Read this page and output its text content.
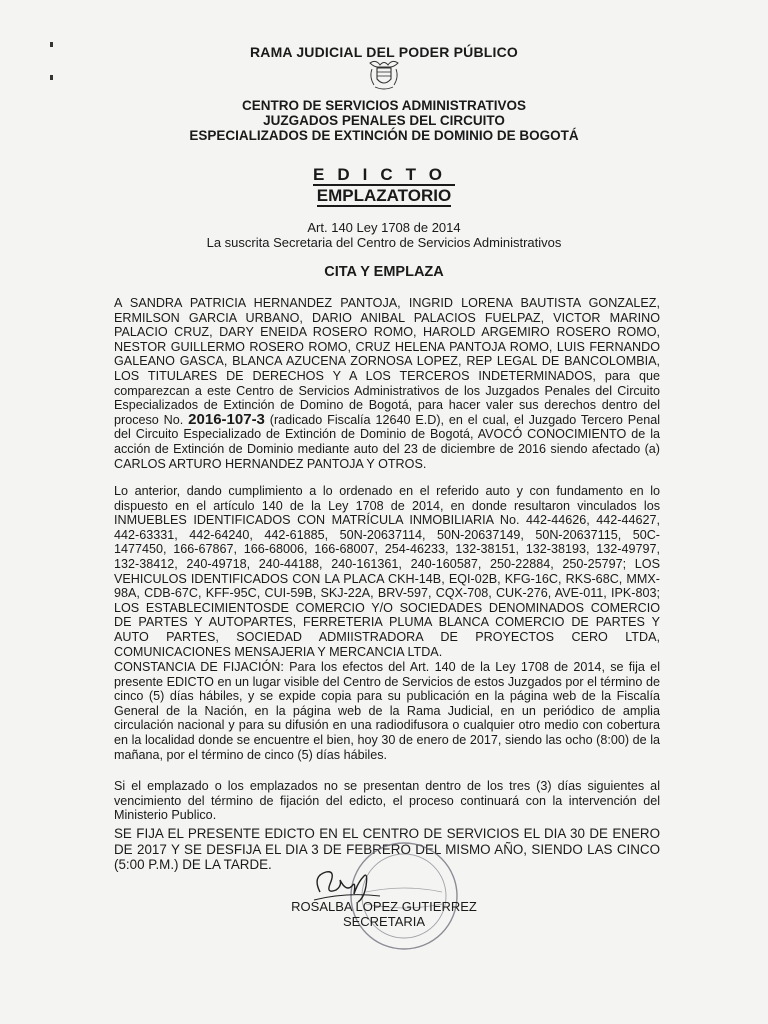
RAMA JUDICIAL DEL PODER PÚBLICO
CENTRO DE SERVICIOS ADMINISTRATIVOS
JUZGADOS PENALES DEL CIRCUITO
ESPECIALIZADOS DE EXTINCIÓN DE DOMINIO DE BOGOTÁ
EDICTO
EMPLAZATORIO
Art. 140 Ley 1708 de 2014
La suscrita Secretaria del Centro de Servicios Administrativos
CITA Y EMPLAZA
A SANDRA PATRICIA HERNANDEZ PANTOJA, INGRID LORENA BAUTISTA GONZALEZ, ERMILSON GARCIA URBANO, DARIO ANIBAL PALACIOS FUELPAZ, VICTOR MARINO PALACIO CRUZ, DARY ENEIDA ROSERO ROMO, HAROLD ARGEMIRO ROSERO ROMO, NESTOR GUILLERMO ROSERO ROMO, CRUZ HELENA PANTOJA ROMO, LUIS FERNANDO GALEANO GASCA, BLANCA AZUCENA ZORNOSA LOPEZ, REP LEGAL DE BANCOLOMBIA, LOS TITULARES DE DERECHOS Y A LOS TERCEROS INDETERMINADOS, para que comparezcan a este Centro de Servicios Administrativos de los Juzgados Penales del Circuito Especializados de Extinción de Domino de Bogotá, para hacer valer sus derechos dentro del proceso No. 2016-107-3 (radicado Fiscalía 12640 E.D), en el cual, el Juzgado Tercero Penal del Circuito Especializado de Extinción de Dominio de Bogotá, AVOCÓ CONOCIMIENTO de la acción de Extinción de Dominio mediante auto del 23 de diciembre de 2016 siendo afectado (a) CARLOS ARTURO HERNANDEZ PANTOJA Y OTROS.
Lo anterior, dando cumplimiento a lo ordenado en el referido auto y con fundamento en lo dispuesto en el artículo 140 de la Ley 1708 de 2014, en donde resultaron vinculados los INMUEBLES IDENTIFICADOS CON MATRÍCULA INMOBILIARIA No. 442-44626, 442-44627, 442-63331, 442-64240, 442-61885, 50N-20637114, 50N-20637149, 50N-20637115, 50C-1477450, 166-67867, 166-68006, 166-68007, 254-46233, 132-38151, 132-38193, 132-49797, 132-38412, 240-49718, 240-44188, 240-161361, 240-160587, 250-22884, 250-25797; LOS VEHICULOS IDENTIFICADOS CON LA PLACA CKH-14B, EQI-02B, KFG-16C, RKS-68C, MMX-98A, CDB-67C, KFF-95C, CUI-59B, SKJ-22A, BRV-597, CQX-708, CUK-276, AVE-011, IPK-803; LOS ESTABLECIMIENTOSDE COMERCIO Y/O SOCIEDADES DENOMINADOS COMERCIO DE PARTES Y AUTOPARTES, FERRETERIA PLUMA BLANCA COMERCIO DE PARTES Y AUTO PARTES, SOCIEDAD ADMIISTRADORA DE PROYECTOS CERO LTDA, COMUNICACIONES MENSAJERIA Y MERCANCIA LTDA.
CONSTANCIA DE FIJACIÓN: Para los efectos del Art. 140 de la Ley 1708 de 2014, se fija el presente EDICTO en un lugar visible del Centro de Servicios de estos Juzgados por el término de cinco (5) días hábiles, y se expide copia para su publicación en la página web de la Fiscalía General de la Nación, en la página web de la Rama Judicial, en un periódico de amplia circulación nacional y para su difusión en una radiodifusora o cualquier otro medio con cobertura en la localidad donde se encuentre el bien, hoy 30 de enero de 2017, siendo las ocho (8:00) de la mañana, por el término de cinco (5) días hábiles.
Si el emplazado o los emplazados no se presentan dentro de los tres (3) días siguientes al vencimiento del término de fijación del edicto, el proceso continuará con la intervención del Ministerio Publico.
SE FIJA EL PRESENTE EDICTO EN EL CENTRO DE SERVICIOS EL DIA 30 DE ENERO DE 2017 Y SE DESFIJA EL DIA 3 DE FEBRERO DEL MISMO AÑO, SIENDO LAS CINCO (5:00 P.M.) DE LA TARDE.
ROSALBA LOPEZ GUTIERREZ
SECRETARIA
